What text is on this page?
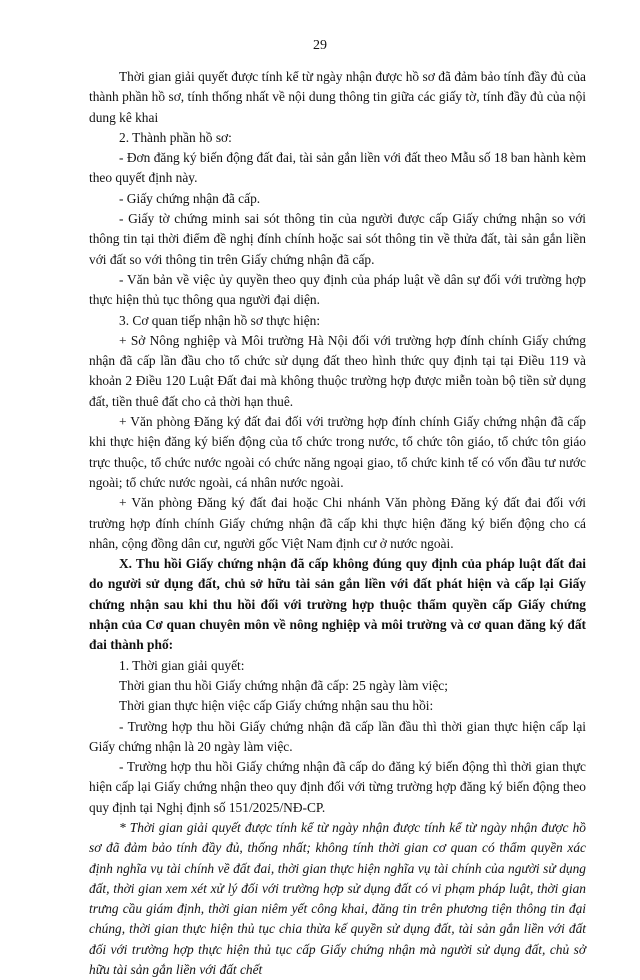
29

Thời gian giải quyết được tính kể từ ngày nhận được hồ sơ đã đảm bảo tính đầy đủ của thành phần hồ sơ, tính thống nhất về nội dung thông tin giữa các giấy tờ, tính đầy đủ của nội dung kê khai

2. Thành phần hồ sơ:

- Đơn đăng ký biến động đất đai, tài sản gắn liền với đất theo Mẫu số 18 ban hành kèm theo quyết định này.

- Giấy chứng nhận đã cấp.

- Giấy tờ chứng minh sai sót thông tin của người được cấp Giấy chứng nhận so với thông tin tại thời điểm đề nghị đính chính hoặc sai sót thông tin về thửa đất, tài sản gắn liền với đất so với thông tin trên Giấy chứng nhận đã cấp.

- Văn bản về việc ủy quyền theo quy định của pháp luật về dân sự đối với trường hợp thực hiện thủ tục thông qua người đại diện.

3. Cơ quan tiếp nhận hồ sơ thực hiện:

+ Sở Nông nghiệp và Môi trường Hà Nội đối với trường hợp đính chính Giấy chứng nhận đã cấp lần đầu cho tổ chức sử dụng đất theo hình thức quy định tại tại Điều 119 và khoản 2 Điều 120 Luật Đất đai mà không thuộc trường hợp được miễn toàn bộ tiền sử dụng đất, tiền thuê đất cho cả thời hạn thuê.

+ Văn phòng Đăng ký đất đai đối với trường hợp đính chính Giấy chứng nhận đã cấp khi thực hiện đăng ký biến động của tổ chức trong nước, tổ chức tôn giáo, tổ chức tôn giáo trực thuộc, tổ chức nước ngoài có chức năng ngoại giao, tổ chức kinh tế có vốn đầu tư nước ngoài; tổ chức nước ngoài, cá nhân nước ngoài.

+ Văn phòng Đăng ký đất đai hoặc Chi nhánh Văn phòng Đăng ký đất đai đối với trường hợp đính chính Giấy chứng nhận đã cấp khi thực hiện đăng ký biến động cho cá nhân, cộng đồng dân cư, người gốc Việt Nam định cư ở nước ngoài.

X. Thu hồi Giấy chứng nhận đã cấp không đúng quy định của pháp luật đất đai do người sử dụng đất, chủ sở hữu tài sản gắn liền với đất phát hiện và cấp lại Giấy chứng nhận sau khi thu hồi đối với trường hợp thuộc thẩm quyền cấp Giấy chứng nhận của Cơ quan chuyên môn về nông nghiệp và môi trường và cơ quan đăng ký đất đai thành phố:

1. Thời gian giải quyết:

Thời gian thu hồi Giấy chứng nhận đã cấp: 25 ngày làm việc;

Thời gian thực hiện việc cấp Giấy chứng nhận sau thu hồi:

- Trường hợp thu hồi Giấy chứng nhận đã cấp lần đầu thì thời gian thực hiện cấp lại Giấy chứng nhận là 20 ngày làm việc.

- Trường hợp thu hồi Giấy chứng nhận đã cấp do đăng ký biến động thì thời gian thực hiện cấp lại Giấy chứng nhận theo quy định đối với từng trường hợp đăng ký biến động theo quy định tại Nghị định số 151/2025/NĐ-CP.

* Thời gian giải quyết được tính kể từ ngày nhận được tính kể từ ngày nhận được hồ sơ đã đảm bảo tính đầy đủ, thống nhất; không tính thời gian cơ quan có thẩm quyền xác định nghĩa vụ tài chính về đất đai, thời gian thực hiện nghĩa vụ tài chính của người sử dụng đất, thời gian xem xét xử lý đối với trường hợp sử dụng đất có vi phạm pháp luật, thời gian trưng cầu giám định, thời gian niêm yết công khai, đăng tin trên phương tiện thông tin đại chúng, thời gian thực hiện thủ tục chia thừa kế quyền sử dụng đất, tài sản gắn liền với đất đối với trường hợp thực hiện thủ tục cấp Giấy chứng nhận mà người sử dụng đất, chủ sở hữu tài sản gắn liền với đất chết
